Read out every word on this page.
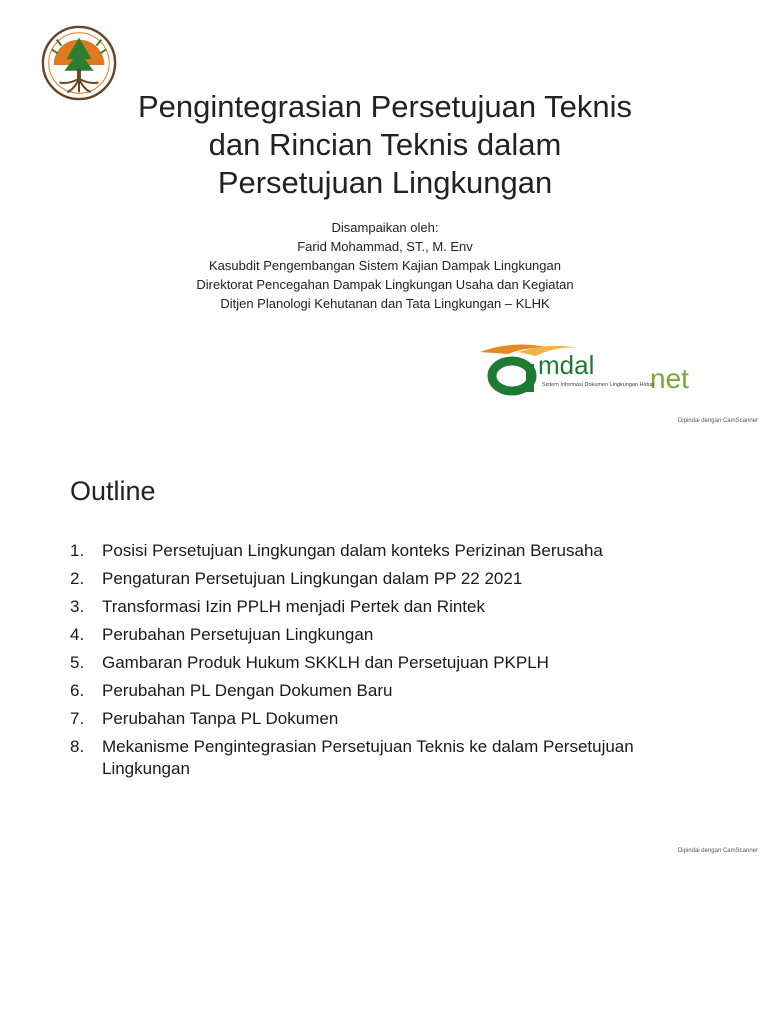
Pengintegrasian Persetujuan Teknis
dan Rincian Teknis dalam
Persetujuan Lingkungan
Disampaikan oleh:
Farid Mohammad, ST., M. Env
Kasubdit Pengembangan Sistem Kajian Dampak Lingkungan
Direktorat Pencegahan Dampak Lingkungan Usaha dan Kegiatan
Ditjen Planologi Kehutanan dan Tata Lingkungan – KLHK
mdal net
Sistem Informasi Dokumen Lingkungan Hidup
Dipindai dengan CamScanner
Outline
1.	Posisi Persetujuan Lingkungan dalam konteks Perizinan Berusaha
2.	Pengaturan Persetujuan Lingkungan dalam PP 22 2021
3.	Transformasi Izin PPLH menjadi Pertek dan Rintek
4.	Perubahan Persetujuan Lingkungan
5.	Gambaran Produk Hukum SKKLH dan Persetujuan PKPLH
6.	Perubahan PL Dengan Dokumen Baru
7.	Perubahan Tanpa PL Dokumen
8.	Mekanisme Pengintegrasian Persetujuan Teknis ke dalam Persetujuan Lingkungan
Dipindai dengan CamScanner
